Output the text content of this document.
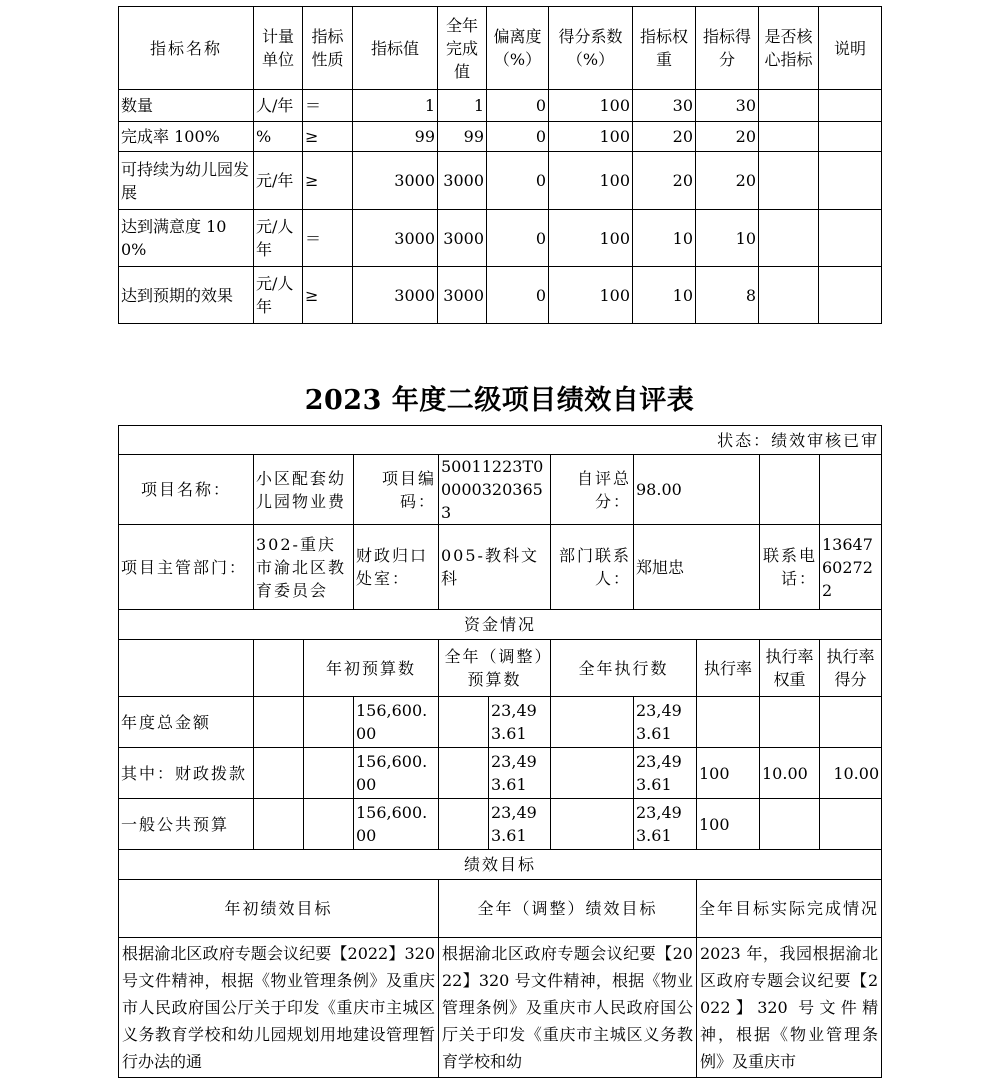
指标名称	计量单位	指标性质	指标值	全年完成值	偏离度（%）	得分系数（%）	指标权重	指标得分	是否核心指标	说明
数量	人/年	＝	1	1	0	100	30	30		
完成率 100%	%	≥	99	99	0	100	20	20		
可持续为幼儿园发展	元/年	≥	3000	3000	0	100	20	20		
达到满意度 100%	元/人年	＝	3000	3000	0	100	10	10		
达到预期的效果	元/人年	≥	3000	3000	0	100	10	8		
2023 年度二级项目绩效自评表
状态：绩效审核已审										
项目名称：	小区配套幼儿园物业费		项目编码：	50011223T000003203653		自评总分：	98.00			
项目主管部门：	302-重庆市渝北区教育委员会		财政归口处室：	005-教科文科		部门联系人：	郑旭忠		联系电话：	13647602722
资金情况										
		年初预算数		全年（调整）预算数		全年执行数		执行率	执行率权重	执行率得分
年度总金额			156,600.00		23,493.61		23,493.61			
其中：财政拨款			156,600.00		23,493.61		23,493.61	100	10.00	10.00
一般公共预算			156,600.00		23,493.61		23,493.61	100		
绩效目标										
年初绩效目标				全年（调整）绩效目标				全年目标实际完成情况		
根据渝北区政府专题会议纪要【2022】320 号文件精神，根据《物业管理条例》及重庆市人民政府国公厅关于印发《重庆市主城区义务教育学校和幼儿园规划用地建设管理暂行办法的通				根据渝北区政府专题会议纪要【2022】320 号文件精神，根据《物业管理条例》及重庆市人民政府国公厅关于印发《重庆市主城区义务教育学校和幼				2023 年，我园根据渝北区政府专题会议纪要【2022】320 号文件精神，根据《物业管理条例》及重庆市		
